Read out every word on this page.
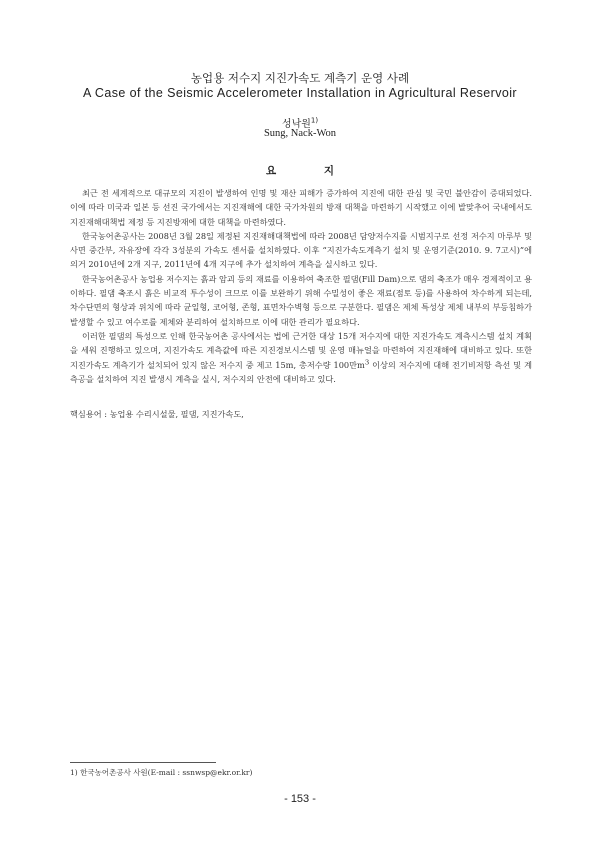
농업용 저수지 지진가속도 계측기 운영 사례
A Case of the Seismic Accelerometer Installation in Agricultural Reservoir
성낙원$^{1)}$
Sung, Nack-Won
요 지

최근 전 세계적으로 대규모의 지진이 발생하여 인명 및 재산 피해가 증가하여 지진에 대한 관심 및 국민 불안감이 증대되었다. 이에 따라 미국과 일본 등 선진 국가에서는 지진재해에 대한 국가차원의 방재 대책을 마련하기 시작했고 이에 발맞추어 국내에서도 지진재해대책법 제정 등 지진방재에 대한 대책을 마련하였다.

한국농어촌공사는 2008년 3월 28일 제정된 지진재해대책법에 따라 2008년 담양저수지를 시범지구로 선정 저수지 마루부 및 사면 중간부, 자유장에 각각 3성분의 가속도 센서를 설치하였다. 이후 “지진가속도계측기 설치 및 운영기준(2010. 9. 7고시)”에 의거 2010년에 2개 지구, 2011년에 4개 지구에 추가 설치하여 계측을 실시하고 있다.

한국농어촌공사 농업용 저수지는 흙과 암괴 등의 재료를 이용하여 축조한 필댐(Fill Dam)으로 댐의 축조가 매우 경제적이고 용이하다. 필댐 축조시 흙은 비교적 투수성이 크므로 이를 보완하기 위해 수밀성이 좋은 재료(점토 등)를 사용하여 차수하게 되는데, 차수단면의 형상과 위치에 따라 균일형, 코어형, 존형, 표면차수벽형 등으로 구분한다. 필댐은 제체 특성상 제체 내부의 부등침하가 발생할 수 있고 여수로를 제체와 분리하여 설치하므로 이에 대한 관리가 필요하다.

이러한 필댐의 특성으로 인해 한국농어촌 공사에서는 법에 근거한 대상 15개 저수지에 대한 지진가속도 계측시스템 설치 계획을 세워 진행하고 있으며, 지진가속도 계측값에 따른 지진경보시스템 및 운영 매뉴얼을 마련하여 지진재해에 대비하고 있다. 또한 지진가속도 계측기가 설치되어 있지 않은 저수지 중 제고 15m, 총저수량 100만$m^3$ 이상의 저수지에 대해 전기비저항 측선 및 계측공을 설치하여 지진 발생시 계측을 실시, 저수지의 안전에 대비하고 있다.

핵심용어 : 농업용 수리시설물, 필댐, 지진가속도,
1) 한국농어촌공사 사원(E-mail : ssnwsp@ekr.or.kr)
- 153 -
